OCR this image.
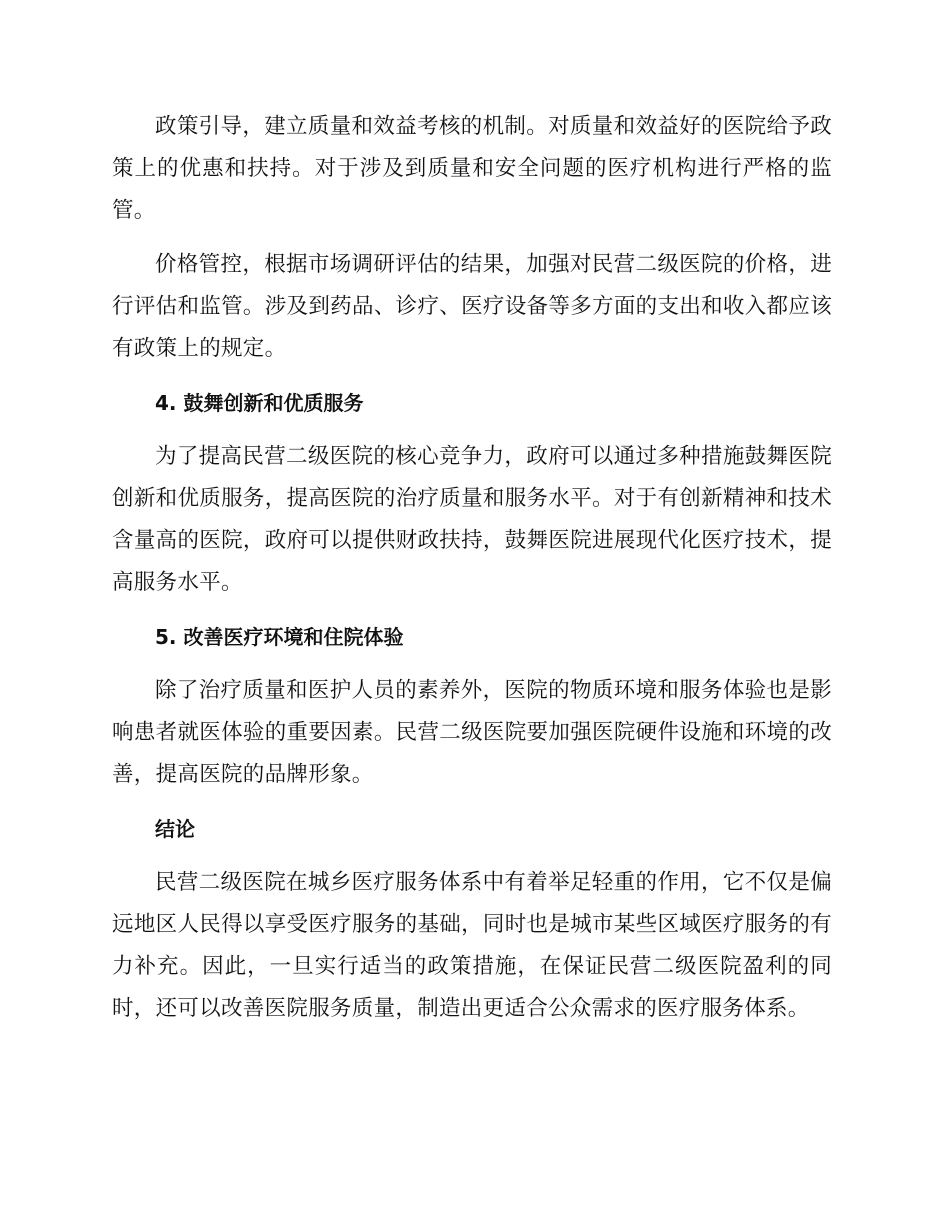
政策引导，建立质量和效益考核的机制。对质量和效益好的医院给予政策上的优惠和扶持。对于涉及到质量和安全问题的医疗机构进行严格的监管。

价格管控，根据市场调研评估的结果，加强对民营二级医院的价格，进行评估和监管。涉及到药品、诊疗、医疗设备等多方面的支出和收入都应该有政策上的规定。

4. 鼓舞创新和优质服务

为了提高民营二级医院的核心竞争力，政府可以通过多种措施鼓舞医院创新和优质服务，提高医院的治疗质量和服务水平。对于有创新精神和技术含量高的医院，政府可以提供财政扶持，鼓舞医院进展现代化医疗技术，提高服务水平。

5. 改善医疗环境和住院体验

除了治疗质量和医护人员的素养外，医院的物质环境和服务体验也是影响患者就医体验的重要因素。民营二级医院要加强医院硬件设施和环境的改善，提高医院的品牌形象。

结论

民营二级医院在城乡医疗服务体系中有着举足轻重的作用，它不仅是偏远地区人民得以享受医疗服务的基础，同时也是城市某些区域医疗服务的有力补充。因此，一旦实行适当的政策措施，在保证民营二级医院盈利的同时，还可以改善医院服务质量，制造出更适合公众需求的医疗服务体系。
